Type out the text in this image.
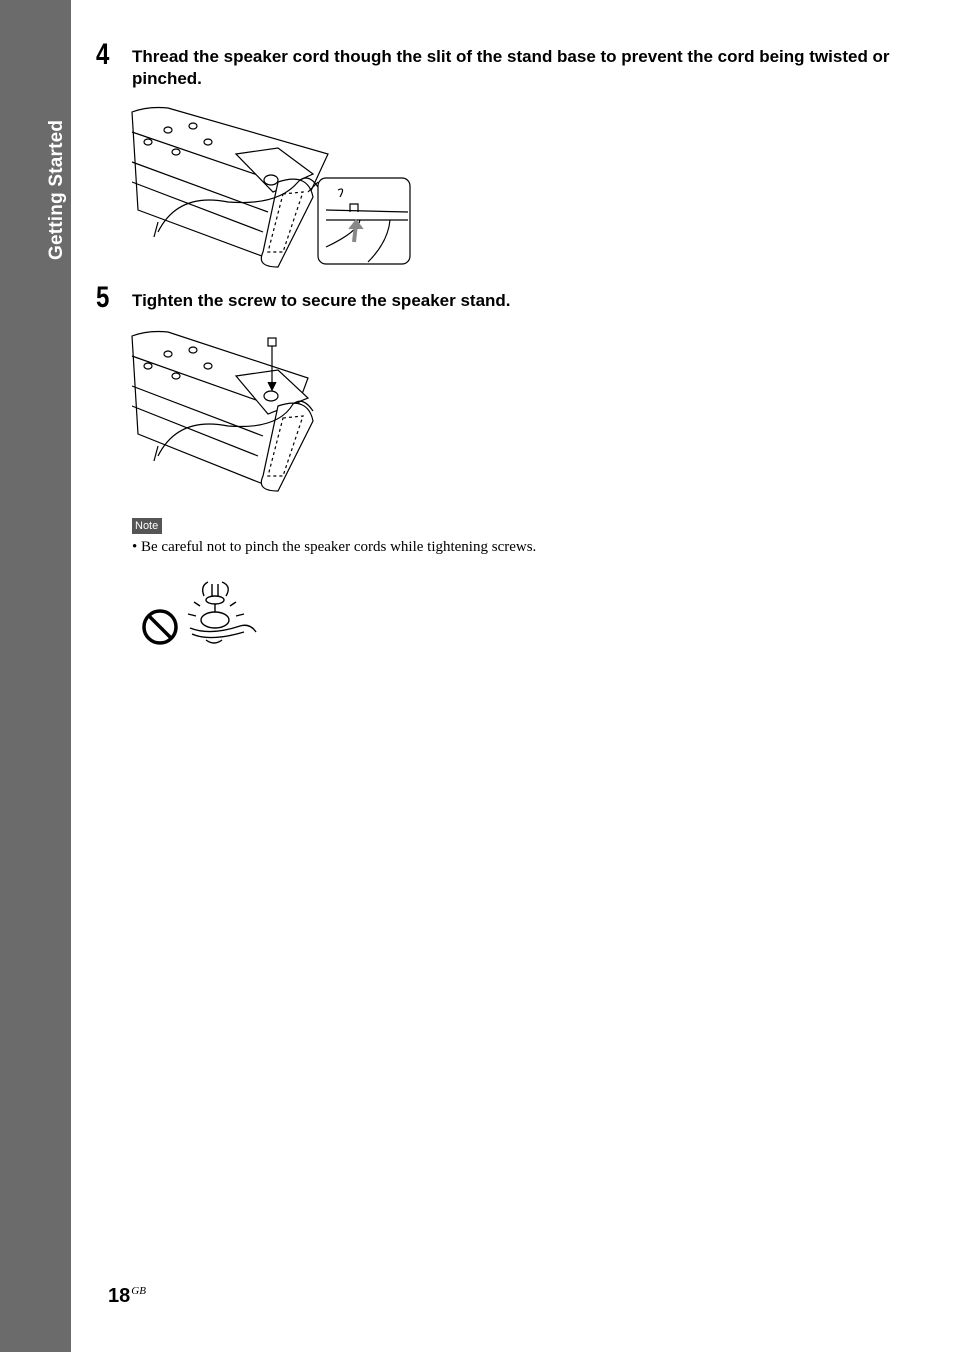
Getting Started
4 Thread the speaker cord though the slit of the stand base to prevent the cord being twisted or pinched.
5 Tighten the screw to secure the speaker stand.
Note
• Be careful not to pinch the speaker cords while tightening screws.
$18^{GB}$
